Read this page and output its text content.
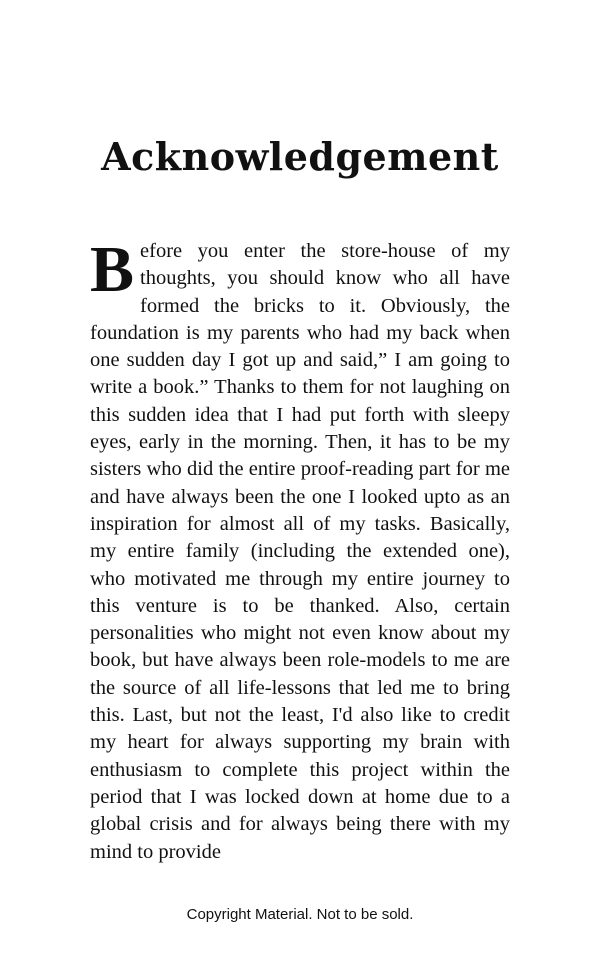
Acknowledgement

Before you enter the store-house of my thoughts, you should know who all have formed the bricks to it. Obviously, the foundation is my parents who had my back when one sudden day I got up and said,” I am going to write a book.” Thanks to them for not laughing on this sudden idea that I had put forth with sleepy eyes, early in the morning. Then, it has to be my sisters who did the entire proof-reading part for me and have always been the one I looked upto as an inspiration for almost all of my tasks. Basically, my entire family (including the extended one), who motivated me through my entire journey to this venture is to be thanked. Also, certain personalities who might not even know about my book, but have always been role-models to me are the source of all life-lessons that led me to bring this. Last, but not the least, I'd also like to credit my heart for always supporting my brain with enthusiasm to complete this project within the period that I was locked down at home due to a global crisis and for always being there with my mind to provide

Copyright Material. Not to be sold.
